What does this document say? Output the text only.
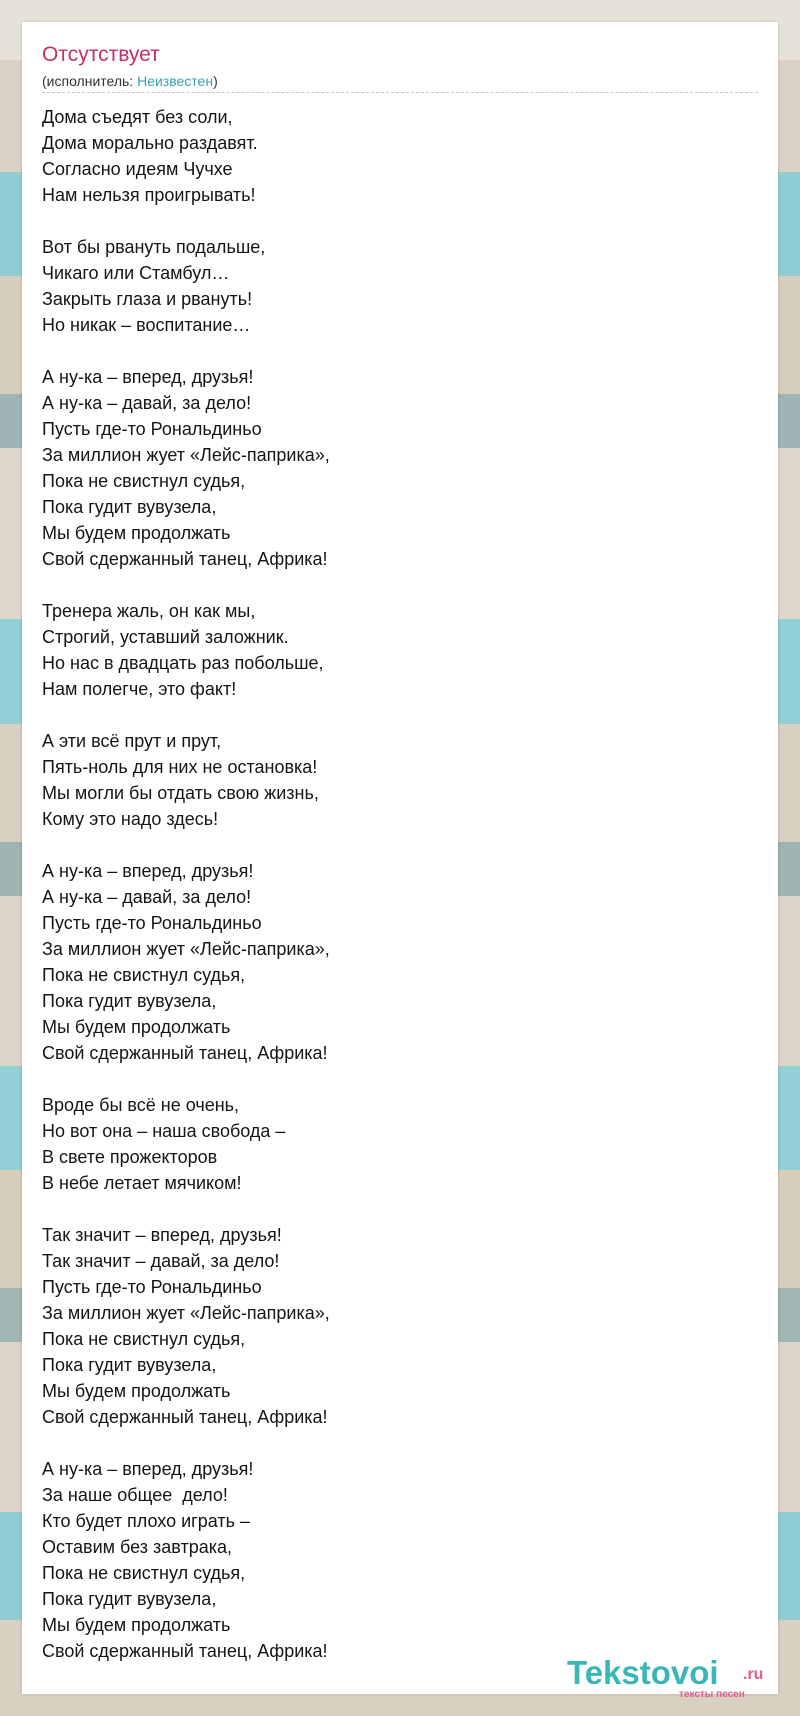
Отсутствует
(исполнитель: Неизвестен)
Дома съедят без соли,
Дома морально раздавят.
Согласно идеям Чучхе
Нам нельзя проигрывать!
Вот бы рвануть подальше,
Чикаго или Стамбул…
Закрыть глаза и рвануть!
Но никак – воспитание…
А ну-ка – вперед, друзья!
А ну-ка – давай, за дело!
Пусть где-то Рональдиньо
За миллион жует «Лейс-паприка»,
Пока не свистнул судья,
Пока гудит вувузела,
Мы будем продолжать
Свой сдержанный танец, Африка!
Тренера жаль, он как мы,
Строгий, уставший заложник.
Но нас в двадцать раз побольше,
Нам полегче, это факт!
А эти всё прут и прут,
Пять-ноль для них не остановка!
Мы могли бы отдать свою жизнь,
Кому это надо здесь!
А ну-ка – вперед, друзья!
А ну-ка – давай, за дело!
Пусть где-то Рональдиньо
За миллион жует «Лейс-паприка»,
Пока не свистнул судья,
Пока гудит вувузела,
Мы будем продолжать
Свой сдержанный танец, Африка!
Вроде бы всё не очень,
Но вот она – наша свобода –
В свете прожекторов
В небе летает мячиком!
Так значит – вперед, друзья!
Так значит – давай, за дело!
Пусть где-то Рональдиньо
За миллион жует «Лейс-паприка»,
Пока не свистнул судья,
Пока гудит вувузела,
Мы будем продолжать
Свой сдержанный танец, Африка!
А ну-ка – вперед, друзья!
За наше общее  дело!
Кто будет плохо играть –
Оставим без завтрака,
Пока не свистнул судья,
Пока гудит вувузела,
Мы будем продолжать
Свой сдержанный танец, Африка!
Tekstovoi .ru
тексты песен
